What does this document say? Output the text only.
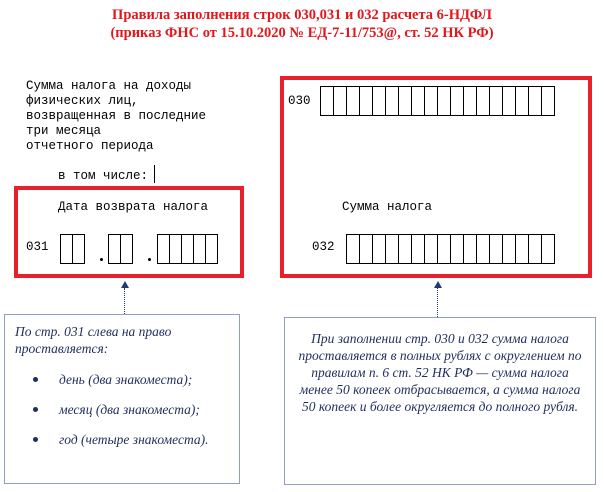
Правила заполнения строк 030,031 и 032 расчета 6-НДФЛ
(приказ ФНС от 15.10.2020 № ЕД-7-11/753@, ст. 52 НК РФ)
Сумма налога на доходы
физических лиц,
возвращенная в последние
три месяца
отчетного периода
в том числе:
Дата возврата налога
031
030
Сумма налога
032
По стр. 031 слева на право проставляется:
день (два знакоместа);
месяц (два знакоместа);
год (четыре знакоместа).
При заполнении стр. 030 и 032 сумма налога проставляется в полных рублях с округлением по правилам п. 6 ст. 52 НК РФ — сумма налога менее 50 копеек отбрасывается, а сумма налога 50 копеек и более округляется до полного рубля.
